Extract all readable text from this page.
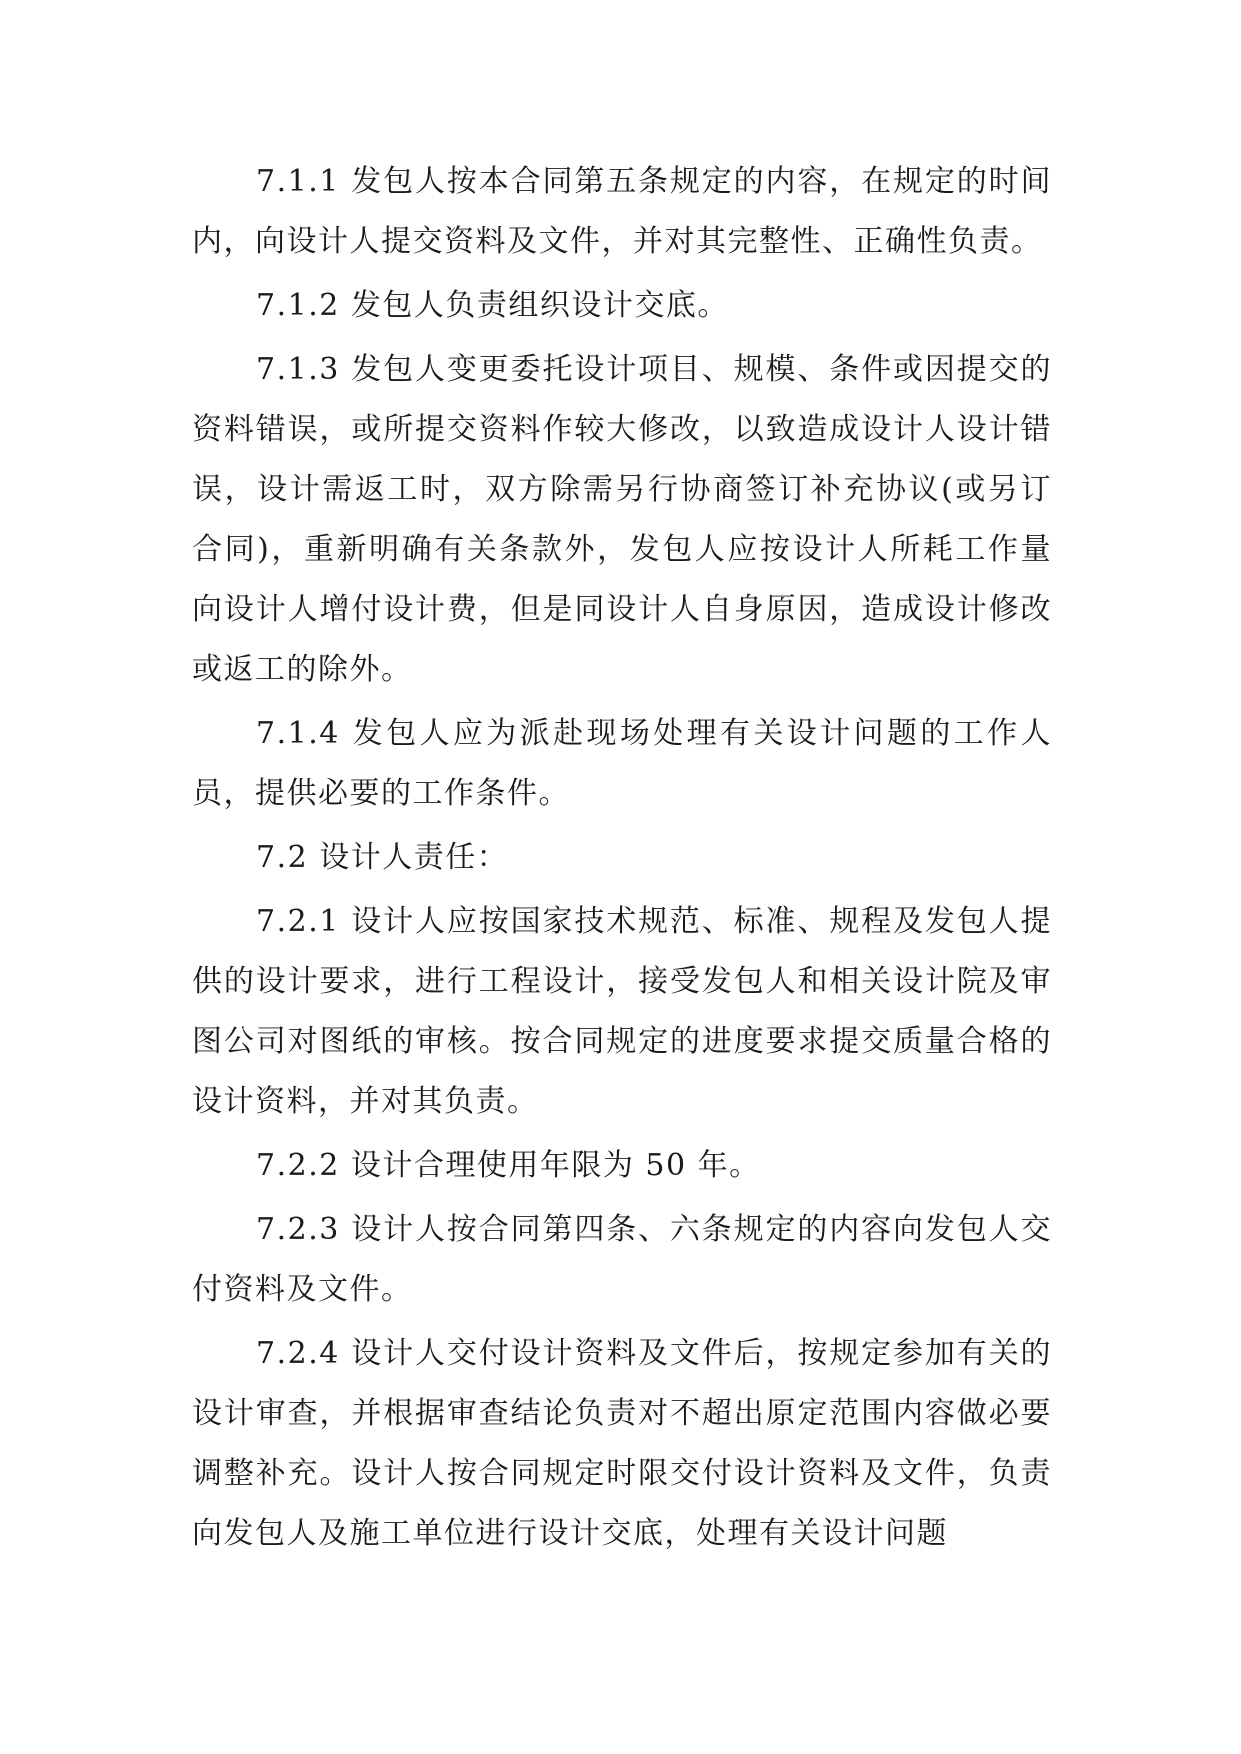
7.1.1 发包人按本合同第五条规定的内容，在规定的时间内，向设计人提交资料及文件，并对其完整性、正确性负责。

7.1.2 发包人负责组织设计交底。

7.1.3 发包人变更委托设计项目、规模、条件或因提交的资料错误，或所提交资料作较大修改，以致造成设计人设计错误，设计需返工时，双方除需另行协商签订补充协议(或另订合同)，重新明确有关条款外，发包人应按设计人所耗工作量向设计人增付设计费，但是同设计人自身原因，造成设计修改或返工的除外。

7.1.4 发包人应为派赴现场处理有关设计问题的工作人员，提供必要的工作条件。

7.2 设计人责任：

7.2.1 设计人应按国家技术规范、标准、规程及发包人提供的设计要求，进行工程设计，接受发包人和相关设计院及审图公司对图纸的审核。按合同规定的进度要求提交质量合格的设计资料，并对其负责。

7.2.2 设计合理使用年限为 50 年。

7.2.3 设计人按合同第四条、六条规定的内容向发包人交付资料及文件。

7.2.4 设计人交付设计资料及文件后，按规定参加有关的设计审查，并根据审查结论负责对不超出原定范围内容做必要调整补充。设计人按合同规定时限交付设计资料及文件，负责向发包人及施工单位进行设计交底，处理有关设计问题
